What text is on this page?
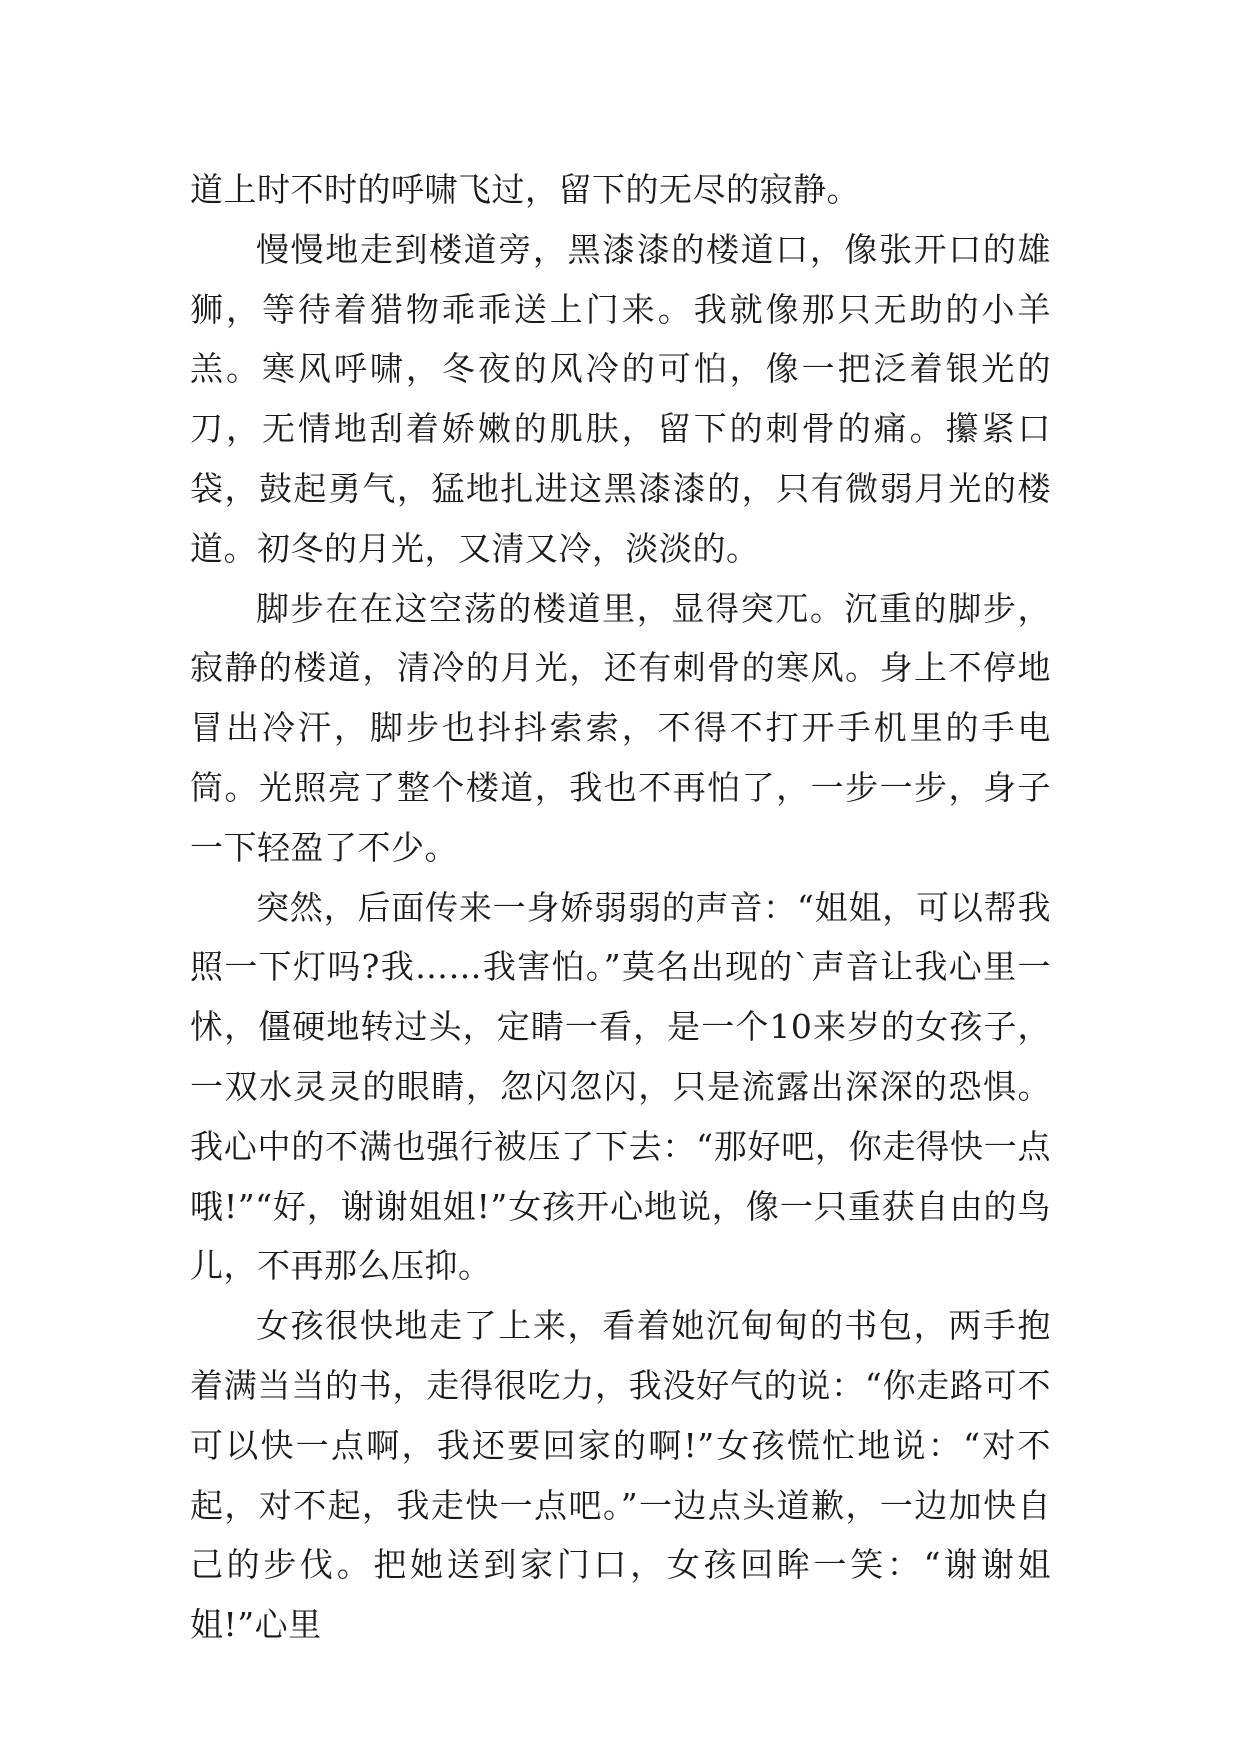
道上时不时的呼啸飞过，留下的无尽的寂静。

慢慢地走到楼道旁，黑漆漆的楼道口，像张开口的雄狮，等待着猎物乖乖送上门来。我就像那只无助的小羊羔。寒风呼啸，冬夜的风冷的可怕，像一把泛着银光的刀，无情地刮着娇嫩的肌肤，留下的刺骨的痛。攥紧口袋，鼓起勇气，猛地扎进这黑漆漆的，只有微弱月光的楼道。初冬的月光，又清又冷，淡淡的。

脚步在在这空荡的楼道里，显得突兀。沉重的脚步，寂静的楼道，清冷的月光，还有刺骨的寒风。身上不停地冒出冷汗，脚步也抖抖索索，不得不打开手机里的手电筒。光照亮了整个楼道，我也不再怕了，一步一步，身子一下轻盈了不少。

突然，后面传来一身娇弱弱的声音：“姐姐，可以帮我照一下灯吗?我……我害怕。”莫名出现的`声音让我心里一怵，僵硬地转过头，定睛一看，是一个10来岁的女孩子，一双水灵灵的眼睛，忽闪忽闪，只是流露出深深的恐惧。我心中的不满也强行被压了下去：“那好吧，你走得快一点哦!”“好，谢谢姐姐!”女孩开心地说，像一只重获自由的鸟儿，不再那么压抑。

女孩很快地走了上来，看着她沉甸甸的书包，两手抱着满当当的书，走得很吃力，我没好气的说：“你走路可不可以快一点啊，我还要回家的啊!”女孩慌忙地说：“对不起，对不起，我走快一点吧。”一边点头道歉，一边加快自己的步伐。把她送到家门口，女孩回眸一笑：“谢谢姐姐!”心里
